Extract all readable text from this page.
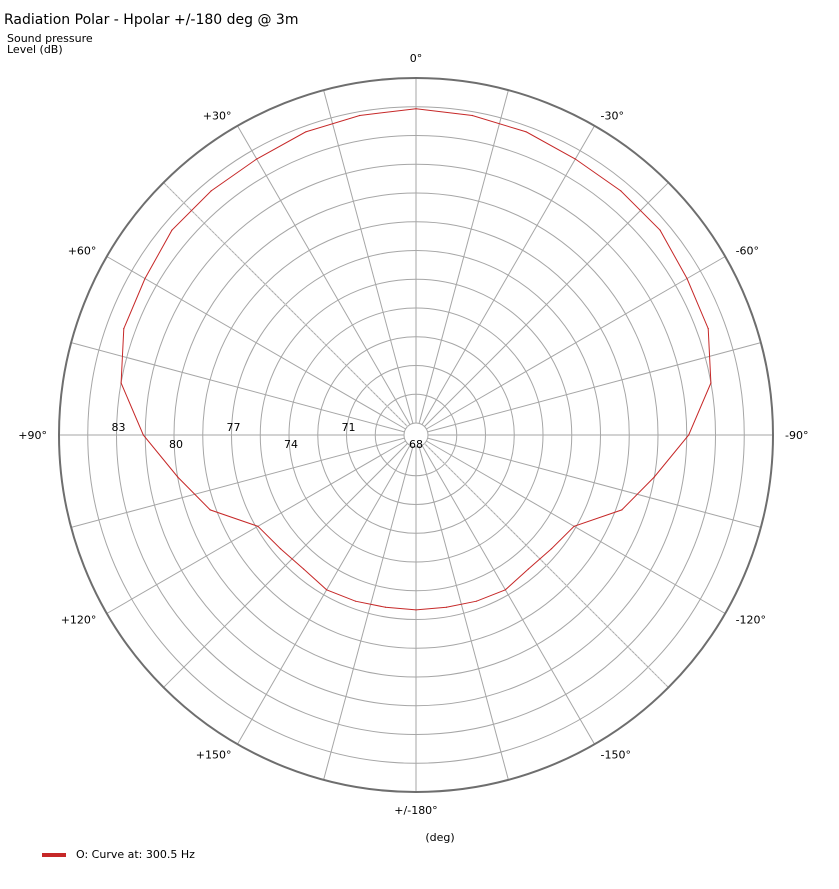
Radiation Polar - Hpolar +/-180 deg @ 3m
Sound pressure
Level (dB)
0°
+30°	-30°
+60°	-60°
+90°	-90°
+120°	-120°
+150°	-150°
+/-180°
68
71
74
77
80
83
(deg)
O: Curve at: 300.5 Hz
